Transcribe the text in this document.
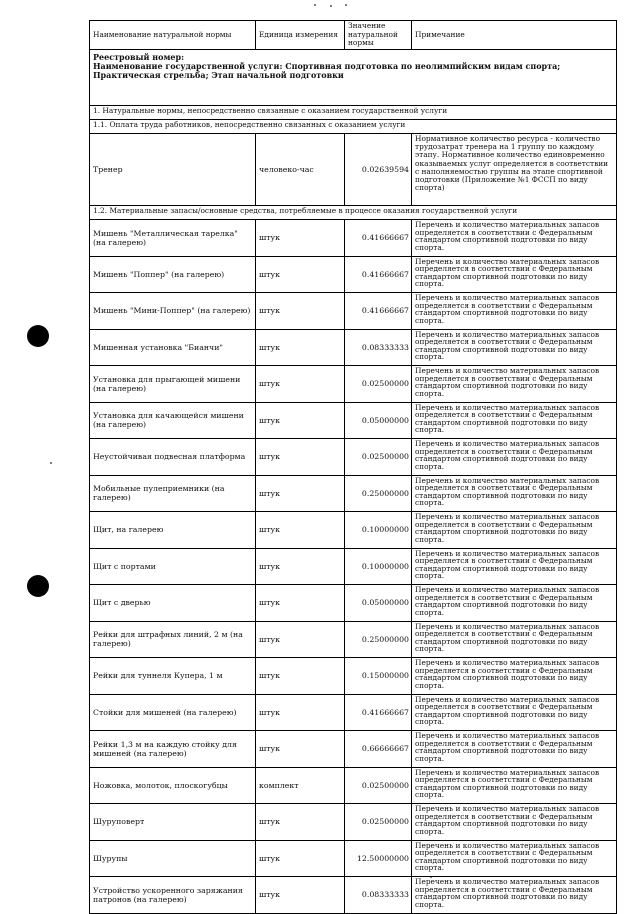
Наименование натуральной нормы	Единица измерения	Значение натуральной нормы	Примечание

Реестровый номер:
Наименование государственной услуги: Спортивная подготовка по неолимпийским видам спорта;
Практическая стрельба; Этап начальной подготовки			

1. Натуральные нормы, непосредственно связанные с оказанием государственной услуги			
1.1. Оплата труда работников, непосредственно связанных с оказанием услуги			
Тренер	человеко-час	0.02639594	Нормативное количество ресурса - количество трудозатрат тренера на 1 группу по каждому этапу. Нормативное количество единовременно оказываемых услуг определяется в соответствии с наполняемостью группы на этапе спортивной подготовки (Приложение №1 ФССП по виду спорта)
1.2. Материальные запасы/основные средства, потребляемые в процессе оказания государственной услуги			
Мишень "Металлическая тарелка" (на галерею)	штук	0.41666667	Перечень и количество материальных запасов определяется в соответствии с Федеральным стандартом спортивной подготовки по виду спорта.
Мишень "Поппер" (на галерею)	штук	0.41666667	Перечень и количество материальных запасов определяется в соответствии с Федеральным стандартом спортивной подготовки по виду спорта.
Мишень "Мини-Поппер" (на галерею)	штук	0.41666667	Перечень и количество материальных запасов определяется в соответствии с Федеральным стандартом спортивной подготовки по виду спорта.
Мишенная установка "Бианчи"	штук	0.08333333	Перечень и количество материальных запасов определяется в соответствии с Федеральным стандартом спортивной подготовки по виду спорта.
Установка для прыгающей мишени (на галерею)	штук	0.02500000	Перечень и количество материальных запасов определяется в соответствии с Федеральным стандартом спортивной подготовки по виду спорта.
Установка для качающейся мишени (на галерею)	штук	0.05000000	Перечень и количество материальных запасов определяется в соответствии с Федеральным стандартом спортивной подготовки по виду спорта.
Неустойчивая подвесная платформа	штук	0.02500000	Перечень и количество материальных запасов определяется в соответствии с Федеральным стандартом спортивной подготовки по виду спорта.
Мобильные пулеприемники (на галерею)	штук	0.25000000	Перечень и количество материальных запасов определяется в соответствии с Федеральным стандартом спортивной подготовки по виду спорта.
Щит, на галерею	штук	0.10000000	Перечень и количество материальных запасов определяется в соответствии с Федеральным стандартом спортивной подготовки по виду спорта.
Щит с портами	штук	0.10000000	Перечень и количество материальных запасов определяется в соответствии с Федеральным стандартом спортивной подготовки по виду спорта.
Щит с дверью	штук	0.05000000	Перечень и количество материальных запасов определяется в соответствии с Федеральным стандартом спортивной подготовки по виду спорта.
Рейки для штрафных линий, 2 м (на галерею)	штук	0.25000000	Перечень и количество материальных запасов определяется в соответствии с Федеральным стандартом спортивной подготовки по виду спорта.
Рейки для туннеля Купера, 1 м	штук	0.15000000	Перечень и количество материальных запасов определяется в соответствии с Федеральным стандартом спортивной подготовки по виду спорта.
Стойки для мишеней (на галерею)	штук	0.41666667	Перечень и количество материальных запасов определяется в соответствии с Федеральным стандартом спортивной подготовки по виду спорта.
Рейки 1,3 м на каждую стойку для мишеней (на галерею)	штук	0.66666667	Перечень и количество материальных запасов определяется в соответствии с Федеральным стандартом спортивной подготовки по виду спорта.
Ножовка, молоток, плоскогубцы	комплект	0.02500000	Перечень и количество материальных запасов определяется в соответствии с Федеральным стандартом спортивной подготовки по виду спорта.
Шуруповерт	штук	0.02500000	Перечень и количество материальных запасов определяется в соответствии с Федеральным стандартом спортивной подготовки по виду спорта.
Шурупы	штук	12.50000000	Перечень и количество материальных запасов определяется в соответствии с Федеральным стандартом спортивной подготовки по виду спорта.
Устройство ускоренного заряжания патронов (на галерею)	штук	0.08333333	Перечень и количество материальных запасов определяется в соответствии с Федеральным стандартом спортивной подготовки по виду спорта.
